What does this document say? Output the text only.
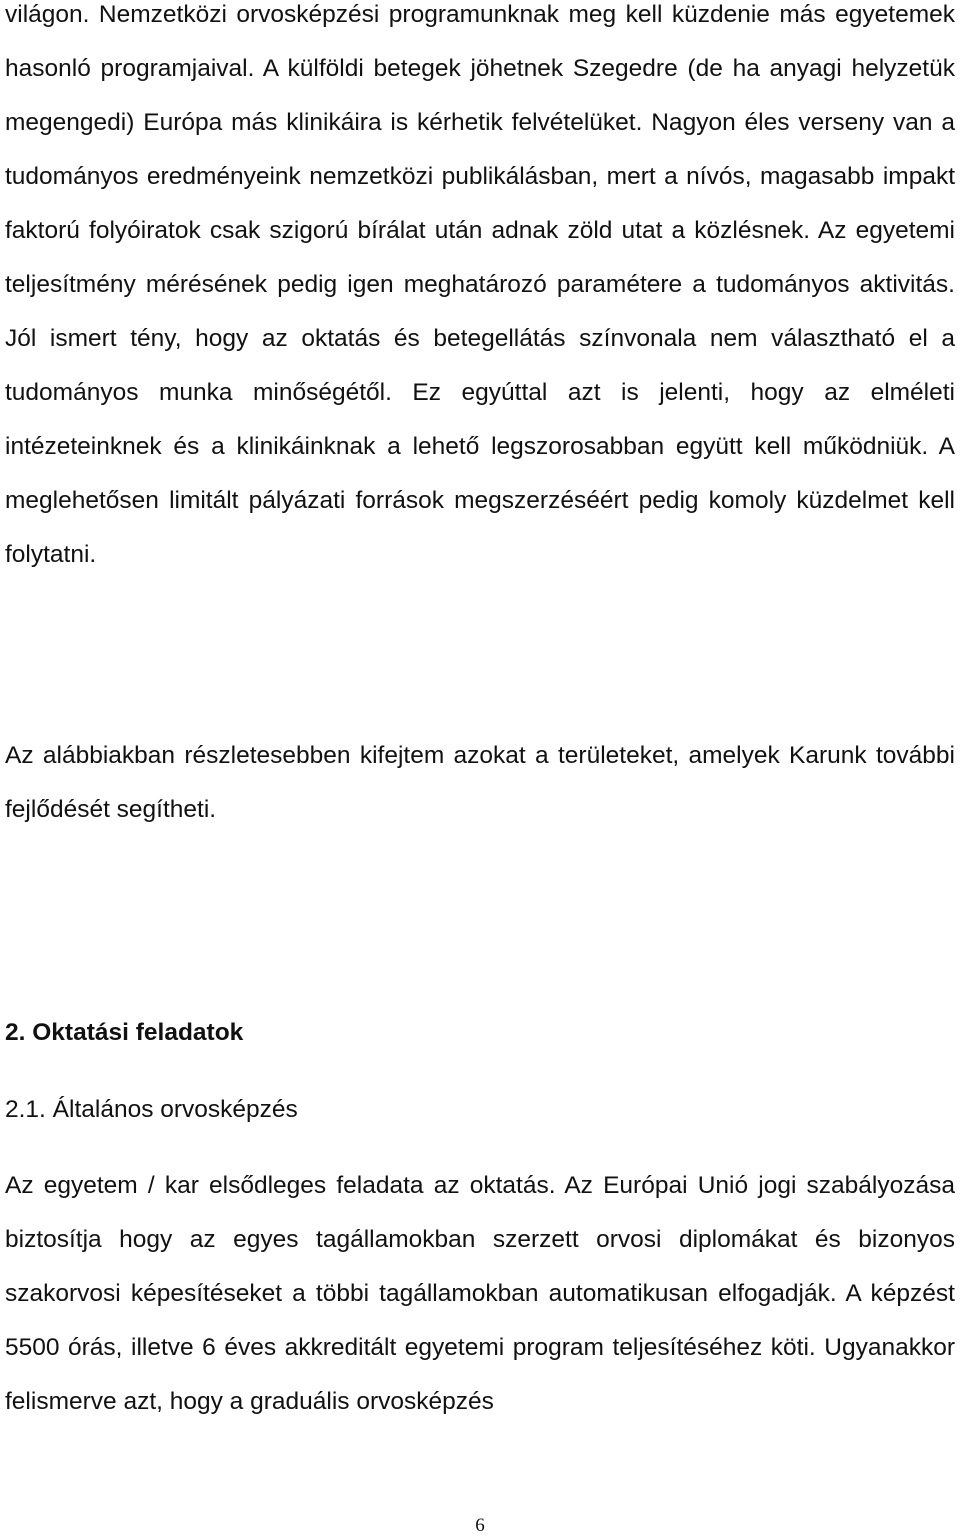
világon. Nemzetközi orvosképzési programunknak meg kell küzdenie más egyetemek hasonló programjaival. A külföldi betegek jöhetnek Szegedre (de ha anyagi helyzetük megengedi) Európa más klinikáira is kérhetik felvételüket. Nagyon éles verseny van a tudományos eredményeink nemzetközi publikálásban, mert a nívós, magasabb impakt faktorú folyóiratok csak szigorú bírálat után adnak zöld utat a közlésnek. Az egyetemi teljesítmény mérésének pedig igen meghatározó paramétere a tudományos aktivitás. Jól ismert tény, hogy az oktatás és betegellátás színvonala nem választható el a tudományos munka minőségétől. Ez egyúttal azt is jelenti, hogy az elméleti intézeteinknek és a klinikáinknak a lehető legszorosabban együtt kell működniük. A meglehetősen limitált pályázati források megszerzéséért pedig komoly küzdelmet kell folytatni.

Az alábbiakban részletesebben kifejtem azokat a területeket, amelyek Karunk további fejlődését segítheti.

2. Oktatási feladatok
2.1. Általános orvosképzés

Az egyetem / kar elsődleges feladata az oktatás. Az Európai Unió jogi szabályozása biztosítja hogy az egyes tagállamokban szerzett orvosi diplomákat és bizonyos szakorvosi képesítéseket a többi tagállamokban automatikusan elfogadják. A képzést 5500 órás, illetve 6 éves akkreditált egyetemi program teljesítéséhez köti. Ugyanakkor felismerve azt, hogy a graduális orvosképzés

6
